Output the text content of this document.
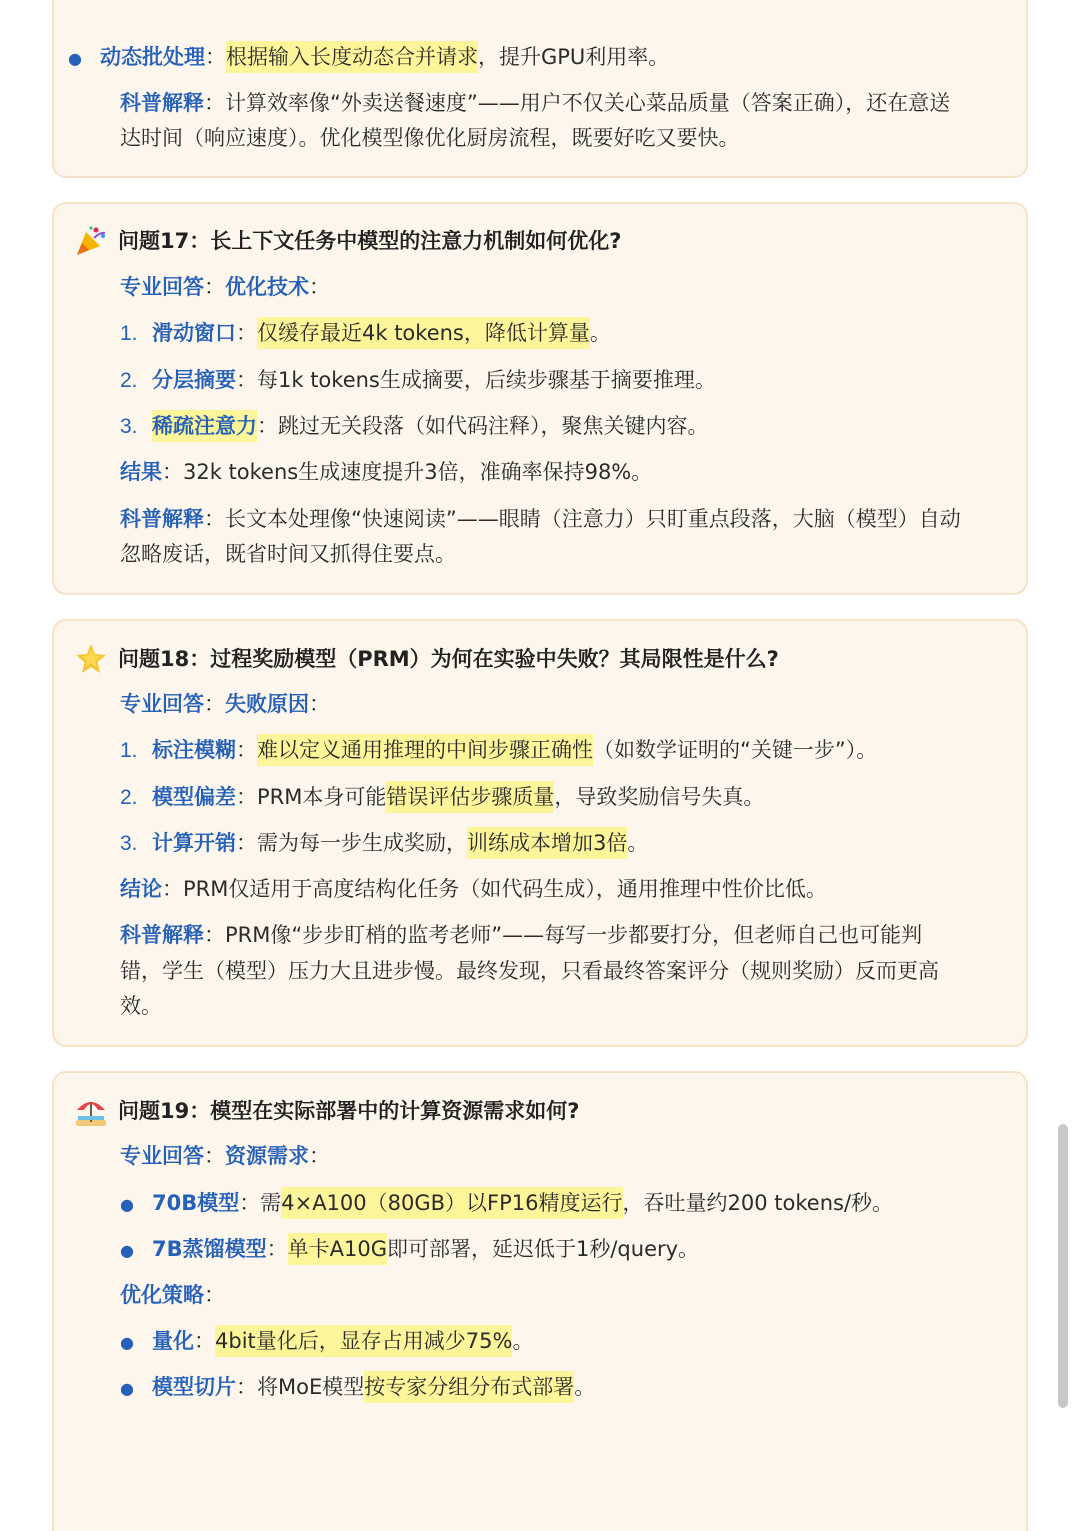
● 动态批处理：根据输入长度动态合并请求，提升GPU利用率。
科普解释：计算效率像“外卖送餐速度”——用户不仅关心菜品质量（答案正确），还在意送
达时间（响应速度）。优化模型像优化厨房流程，既要好吃又要快。
问题17：长上下文任务中模型的注意力机制如何优化?
专业回答：优化技术：
1. 滑动窗口：仅缓存最近4k tokens，降低计算量。
2. 分层摘要：每1k tokens生成摘要，后续步骤基于摘要推理。
3. 稀疏注意力：跳过无关段落（如代码注释），聚焦关键内容。
结果：32k tokens生成速度提升3倍，准确率保持98%。
科普解释：长文本处理像“快速阅读”——眼睛（注意力）只盯重点段落，大脑（模型）自动
忽略废话，既省时间又抓得住要点。
问题18：过程奖励模型（PRM）为何在实验中失败？其局限性是什么?
专业回答：失败原因：
1. 标注模糊：难以定义通用推理的中间步骤正确性（如数学证明的“关键一步”）。
2. 模型偏差：PRM本身可能错误评估步骤质量，导致奖励信号失真。
3. 计算开销：需为每一步生成奖励，训练成本增加3倍。
结论：PRM仅适用于高度结构化任务（如代码生成），通用推理中性价比低。
科普解释：PRM像“步步盯梢的监考老师”——每写一步都要打分，但老师自己也可能判
错，学生（模型）压力大且进步慢。最终发现，只看最终答案评分（规则奖励）反而更高
效。
问题19：模型在实际部署中的计算资源需求如何?
专业回答：资源需求：
● 70B模型：需4×A100（80GB）以FP16精度运行，吞吐量约200 tokens/秒。
● 7B蒸馏模型：单卡A10G即可部署，延迟低于1秒/query。
优化策略：
● 量化：4bit量化后，显存占用减少75%。
● 模型切片：将MoE模型按专家分组分布式部署。
